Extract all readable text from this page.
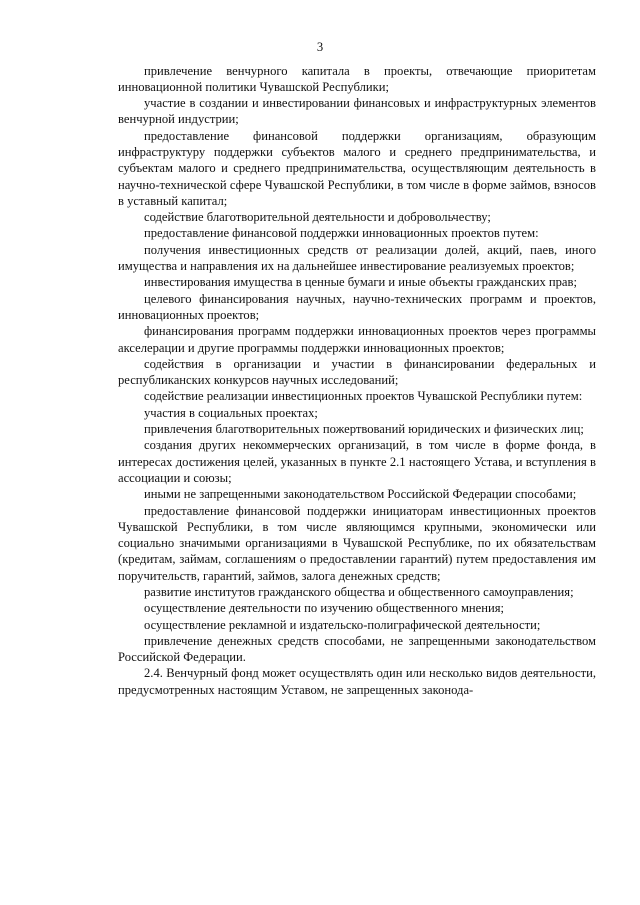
3

привлечение венчурного капитала в проекты, отвечающие приоритетам инновационной политики Чувашской Республики;

участие в создании и инвестировании финансовых и инфраструктурных элементов венчурной индустрии;

предоставление финансовой поддержки организациям, образующим инфраструктуру поддержки субъектов малого и среднего предпринимательства, и субъектам малого и среднего предпринимательства, осуществляющим деятельность в научно-технической сфере Чувашской Республики, в том числе в форме займов, взносов в уставный капитал;

содействие благотворительной деятельности и добровольчеству;

предоставление финансовой поддержки инновационных проектов путем:

получения инвестиционных средств от реализации долей, акций, паев, иного имущества и направления их на дальнейшее инвестирование реализуемых проектов;

инвестирования имущества в ценные бумаги и иные объекты гражданских прав;

целевого финансирования научных, научно-технических программ и проектов, инновационных проектов;

финансирования программ поддержки инновационных проектов через программы акселерации и другие программы поддержки инновационных проектов;

содействия в организации и участии в финансировании федеральных и республиканских конкурсов научных исследований;

содействие реализации инвестиционных проектов Чувашской Республики путем:

участия в социальных проектах;

привлечения благотворительных пожертвований юридических и физических лиц;

создания других некоммерческих организаций, в том числе в форме фонда, в интересах достижения целей, указанных в пункте 2.1 настоящего Устава, и вступления в ассоциации и союзы;

иными не запрещенными законодательством Российской Федерации способами;

предоставление финансовой поддержки инициаторам инвестиционных проектов Чувашской Республики, в том числе являющимся крупными, экономически или социально значимыми организациями в Чувашской Республике, по их обязательствам (кредитам, займам, соглашениям о предоставлении гарантий) путем предоставления им поручительств, гарантий, займов, залога денежных средств;

развитие институтов гражданского общества и общественного самоуправления;

осуществление деятельности по изучению общественного мнения;

осуществление рекламной и издательско-полиграфической деятельности;

привлечение денежных средств способами, не запрещенными законодательством Российской Федерации.

2.4. Венчурный фонд может осуществлять один или несколько видов деятельности, предусмотренных настоящим Уставом, не запрещенных законода-
